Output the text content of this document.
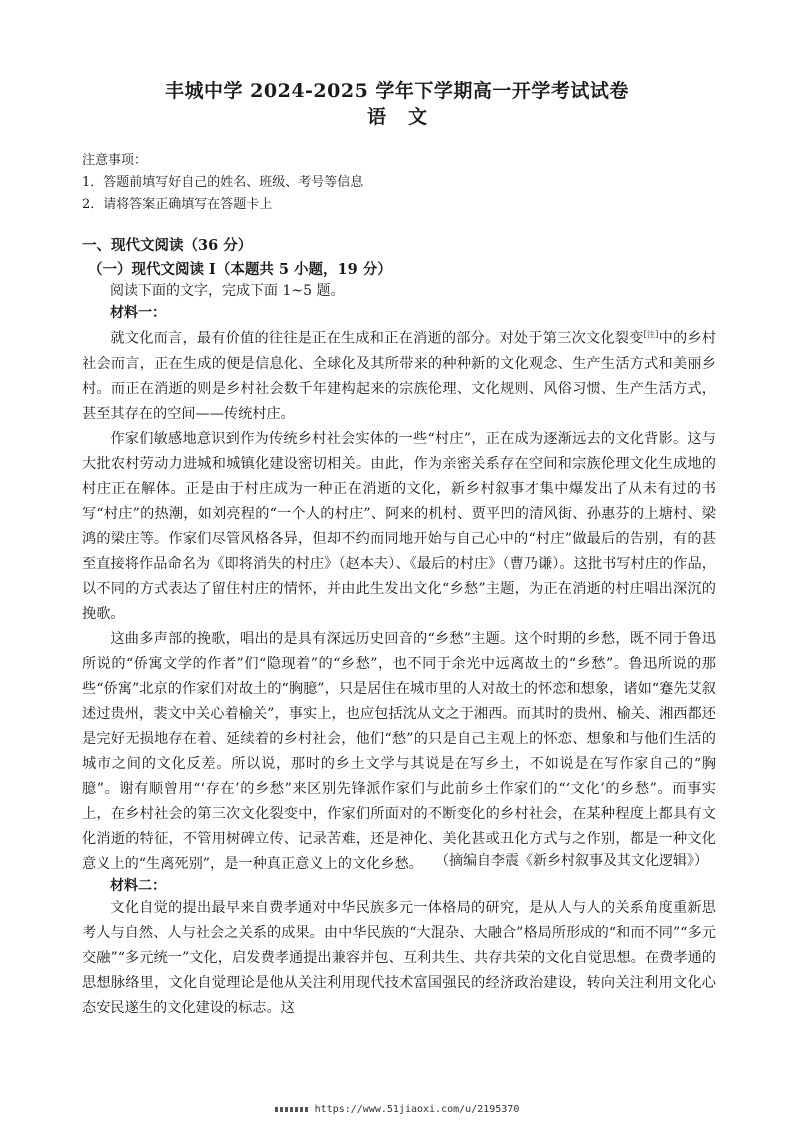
丰城中学 2024-2025 学年下学期高一开学考试试卷
语文
注意事项：
1．答题前填写好自己的姓名、班级、考号等信息
2．请将答案正确填写在答题卡上
一、现代文阅读（36 分）
（一）现代文阅读 I（本题共 5 小题，19 分）
阅读下面的文字，完成下面 1~5 题。
材料一：

就文化而言，最有价值的往往是正在生成和正在消逝的部分。对处于第三次文化裂变[注]中的乡村社会而言，正在生成的便是信息化、全球化及其所带来的种种新的文化观念、生产生活方式和美丽乡村。而正在消逝的则是乡村社会数千年建构起来的宗族伦理、文化规则、风俗习惯、生产生活方式，甚至其存在的空间——传统村庄。

作家们敏感地意识到作为传统乡村社会实体的一些“村庄”，正在成为逐渐远去的文化背影。这与大批农村劳动力进城和城镇化建设密切相关。由此，作为亲密关系存在空间和宗族伦理文化生成地的村庄正在解体。正是由于村庄成为一种正在消逝的文化，新乡村叙事才集中爆发出了从未有过的书写“村庄”的热潮，如刘亮程的“一个人的村庄”、阿来的机村、贾平凹的清风街、孙惠芬的上塘村、梁鸿的梁庄等。作家们尽管风格各异，但却不约而同地开始与自己心中的“村庄”做最后的告别，有的甚至直接将作品命名为《即将消失的村庄》（赵本夫）、《最后的村庄》（曹乃谦）。这批书写村庄的作品，以不同的方式表达了留住村庄的情怀，并由此生发出文化“乡愁”主题，为正在消逝的村庄唱出深沉的挽歌。

这曲多声部的挽歌，唱出的是具有深远历史回音的“乡愁”主题。这个时期的乡愁，既不同于鲁迅所说的“侨寓文学的作者”们“隐现着”的“乡愁”，也不同于余光中远离故土的“乡愁”。鲁迅所说的那些“侨寓”北京的作家们对故土的“胸臆”，只是居住在城市里的人对故土的怀恋和想象，诸如“蹇先艾叙述过贵州，裴文中关心着榆关”，事实上，也应包括沈从文之于湘西。而其时的贵州、榆关、湘西都还是完好无损地存在着、延续着的乡村社会，他们“愁”的只是自己主观上的怀恋、想象和与他们生活的城市之间的文化反差。所以说，那时的乡土文学与其说是在写乡土，不如说是在写作家自己的“胸臆”。谢有顺曾用“‘存在’的乡愁”来区别先锋派作家们与此前乡土作家们的“‘文化’的乡愁”。而事实上，在乡村社会的第三次文化裂变中，作家们所面对的不断变化的乡村社会，在某种程度上都具有文化消逝的特征，不管用树碑立传、记录苦难，还是神化、美化甚或丑化方式与之作别，都是一种文化意义上的“生离死别”，是一种真正意义上的文化乡愁。 （摘编自李震《新乡村叙事及其文化逻辑》）
材料二：

文化自觉的提出最早来自费孝通对中华民族多元一体格局的研究，是从人与人的关系角度重新思考人与自然、人与社会之关系的成果。由中华民族的“大混杂、大融合”格局所形成的“和而不同”“多元交融”“多元统一”文化，启发费孝通提出兼容并包、互利共生、共存共荣的文化自觉思想。在费孝通的思想脉络里，文化自觉理论是他从关注利用现代技术富国强民的经济政治建设，转向关注利用文化心态安民遂生的文化建设的标志。这

https://www.51jiaoxi.com/u/2195370
